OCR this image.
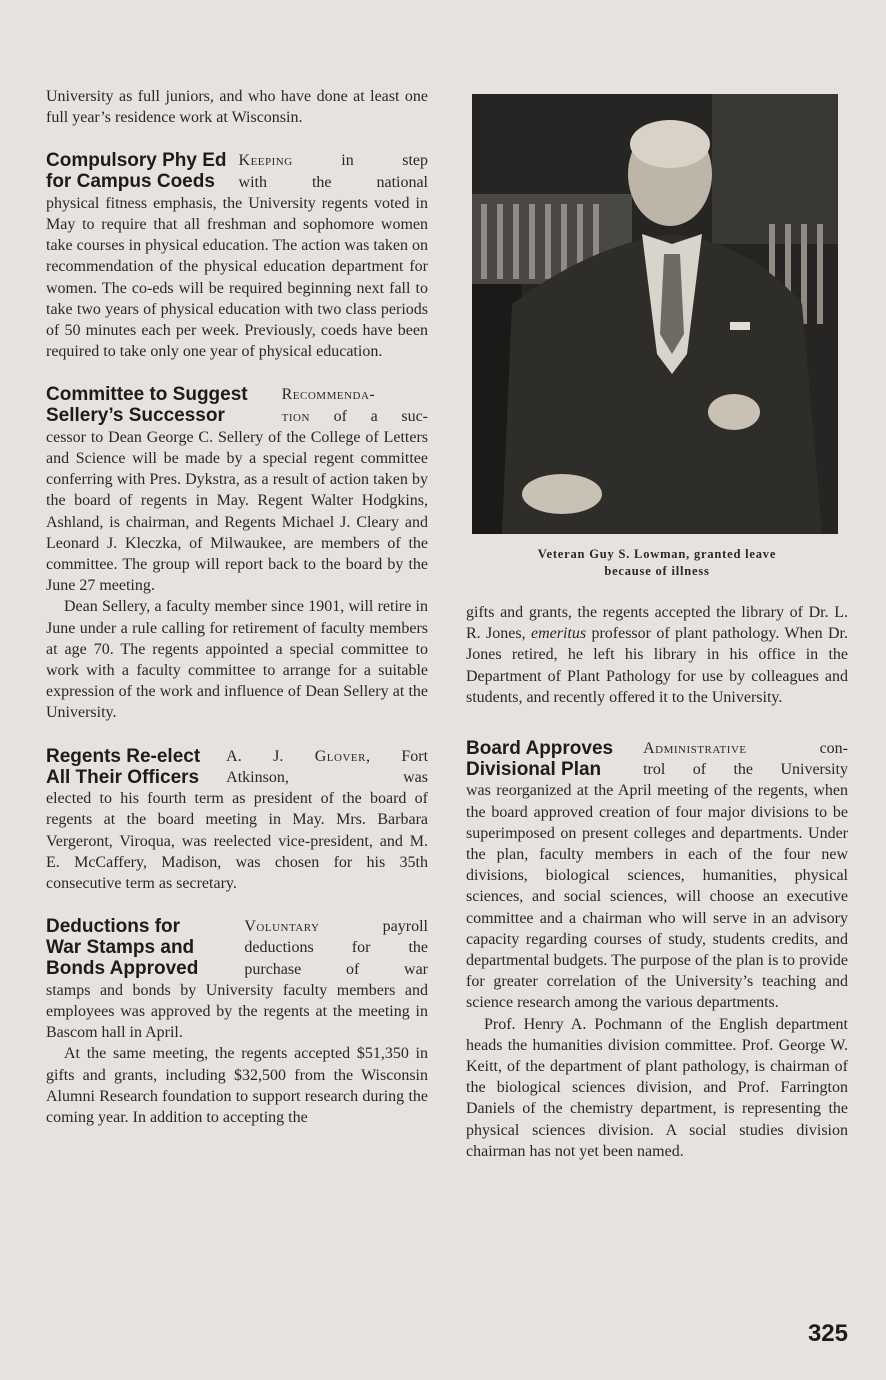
University as full juniors, and who have done at least one full year’s residence work at Wisconsin.

Compulsory Phy Ed
for Campus Coeds
Keeping in step
with the national

physical fitness emphasis, the University regents voted in May to require that all freshman and sophomore women take courses in physical education. The action was taken on recommendation of the physical education department for women. The co-eds will be required beginning next fall to take two years of physical education with two class periods of 50 minutes each per week. Previously, coeds have been required to take only one year of physical education.

Committee to Suggest
Sellery’s Successor
Recommenda-
tion of a suc-

cessor to Dean George C. Sellery of the College of Letters and Science will be made by a special regent committee conferring with Pres. Dykstra, as a result of action taken by the board of regents in May. Regent Walter Hodgkins, Ashland, is chairman, and Regents Michael J. Cleary and Leonard J. Kleczka, of Milwaukee, are members of the committee. The group will report back to the board by the June 27 meeting.

Dean Sellery, a faculty member since 1901, will retire in June under a rule calling for retirement of faculty members at age 70. The regents appointed a special committee to work with a faculty committee to arrange for a suitable expression of the work and influence of Dean Sellery at the University.

Regents Re-elect
All Their Officers
A. J. Glover, Fort
Atkinson, was

elected to his fourth term as president of the board of regents at the board meeting in May. Mrs. Barbara Vergeront, Viroqua, was reelected vice-president, and M. E. McCaffery, Madison, was chosen for his 35th consecutive term as secretary.

Deductions for
War Stamps and
Bonds Approved
Voluntary payroll
deductions for the
purchase of war

stamps and bonds by University faculty members and employees was approved by the regents at the meeting in Bascom hall in April.

At the same meeting, the regents accepted $51,350 in gifts and grants, including $32,500 from the Wisconsin Alumni Research foundation to support research during the coming year. In addition to accepting the

Veteran Guy S. Lowman, granted leave
because of illness

gifts and grants, the regents accepted the library of Dr. L. R. Jones, emeritus professor of plant pathology. When Dr. Jones retired, he left his library in his office in the Department of Plant Pathology for use by colleagues and students, and recently offered it to the University.

Board Approves
Divisional Plan
Administrative con-
trol of the University

was reorganized at the April meeting of the regents, when the board approved creation of four major divisions to be superimposed on present colleges and departments. Under the plan, faculty members in each of the four new divisions, biological sciences, humanities, physical sciences, and social sciences, will choose an executive committee and a chairman who will serve in an advisory capacity regarding courses of study, students credits, and departmental budgets. The purpose of the plan is to provide for greater correlation of the University’s teaching and science research among the various departments.

Prof. Henry A. Pochmann of the English department heads the humanities division committee. Prof. George W. Keitt, of the department of plant pathology, is chairman of the biological sciences division, and Prof. Farrington Daniels of the chemistry department, is representing the physical sciences division. A social studies division chairman has not yet been named.

325
